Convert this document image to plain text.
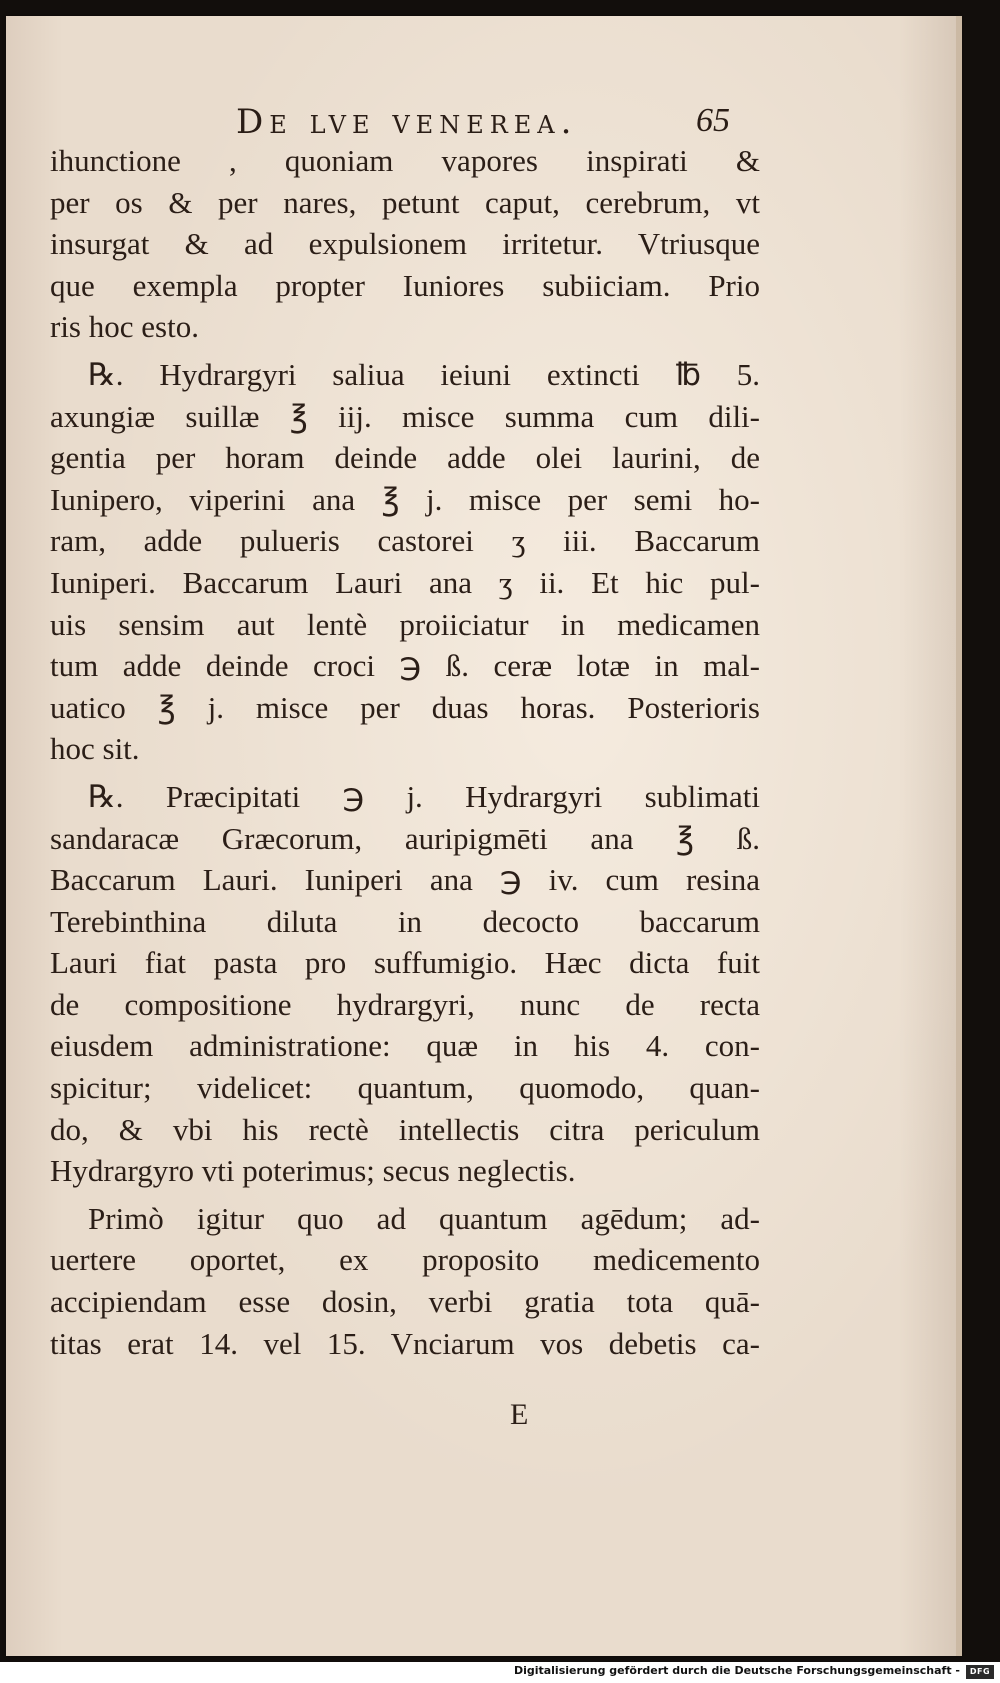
De lve venerea.	65
ihunctione , quoniam vapores inspirati &
per os & per nares, petunt caput, cerebrum, vt
insurgat & ad expulsionem irritetur. Vtriusque
que exempla propter Iuniores subiiciam. Prio
ris hoc esto.
℞. Hydrargyri saliua ieiuni extincti ℔ 5.
axungiæ suillæ ℥ iij. misce summa cum dili-
gentia per horam deinde adde olei laurini, de
Iunipero, viperini ana ℥ j. misce per semi ho-
ram, adde pulueris castorei ʒ iii. Baccarum
Iuniperi. Baccarum Lauri ana ʒ ii. Et hic pul-
uis sensim aut lentè proiiciatur in medicamen
tum adde deinde croci ℈ ß. ceræ lotæ in mal-
uatico ℥ j. misce per duas horas. Posterioris
hoc sit.
℞. Præcipitati ℈ j. Hydrargyri sublimati
sandaracæ Græcorum, auripigmēti ana ℥ ß.
Baccarum Lauri. Iuniperi ana ℈ iv. cum resina
Terebinthina diluta in decocto baccarum
Lauri fiat pasta pro suffumigio. Hæc dicta fuit
de compositione hydrargyri, nunc de recta
eiusdem administratione: quæ in his 4. con-
spicitur; videlicet: quantum, quomodo, quan-
do, & vbi his rectè intellectis citra periculum
Hydrargyro vti poterimus; secus neglectis.
Primò igitur quo ad quantum agēdum; ad-
uertere oportet, ex proposito medicemento
accipiendam esse dosin, verbi gratia tota quā-
titas erat 14. vel 15. Vnciarum vos debetis ca-
E
Digitalisierung gefördert durch die Deutsche Forschungsgemeinschaft -	DFG
